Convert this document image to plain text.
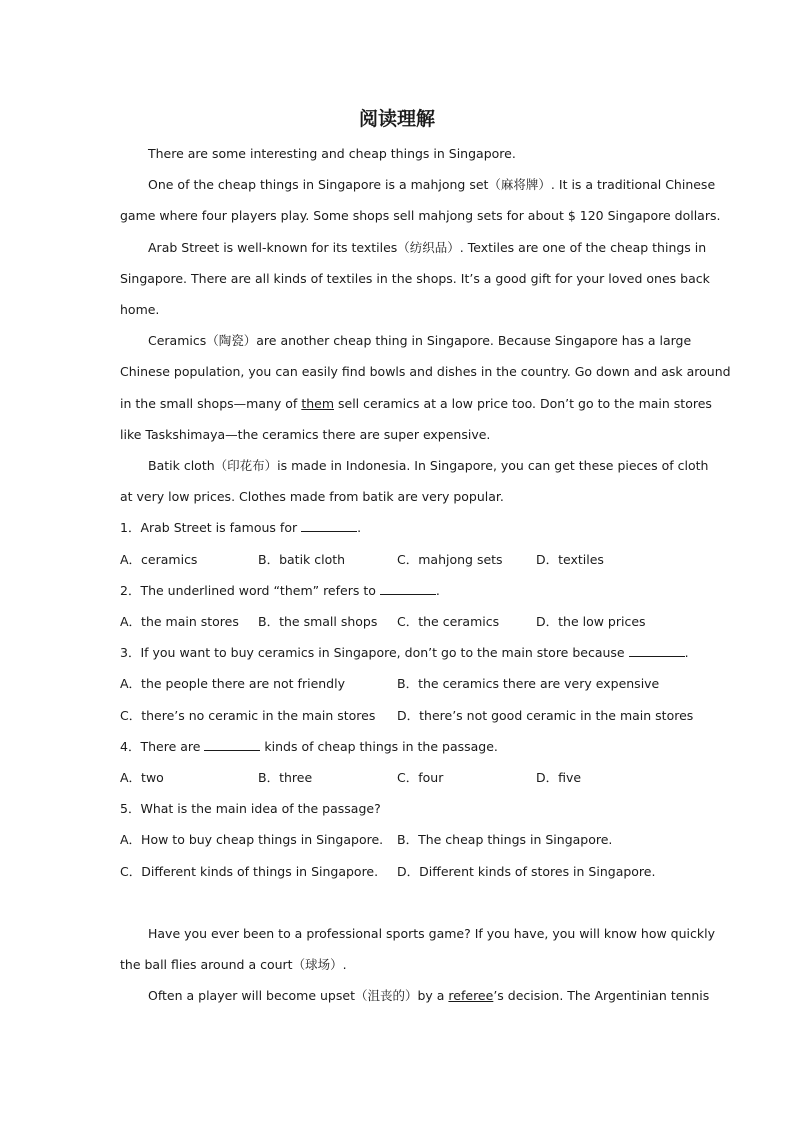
阅读理解
There are some interesting and cheap things in Singapore.
One of the cheap things in Singapore is a mahjong set（麻将牌）. It is a traditional Chinese
game where four players play. Some shops sell mahjong sets for about $ 120 Singapore dollars.
Arab Street is well-known for its textiles（纺织品）. Textiles are one of the cheap things in
Singapore. There are all kinds of textiles in the shops. It’s a good gift for your loved ones back
home.
Ceramics（陶瓷）are another cheap thing in Singapore. Because Singapore has a large
Chinese population, you can easily find bowls and dishes in the country. Go down and ask around
in the small shops—many of them sell ceramics at a low price too. Don’t go to the main stores
like Taskshimaya—the ceramics there are super expensive.
Batik cloth（印花布）is made in Indonesia. In Singapore, you can get these pieces of cloth
at very low prices. Clothes made from batik are very popular.
1．Arab Street is famous for	.
A．ceramics	B．batik cloth	C．mahjong sets	D．textiles
2．The underlined word “them” refers to	.
A．the main stores B．the small shops C．the ceramics	D．the low prices
3．If you want to buy ceramics in Singapore, don’t go to the main store because	.
A．the people there are not friendly	B．the ceramics there are very expensive
C．there’s no ceramic in the main stores D．there’s not good ceramic in the main stores
4．There are	kinds of cheap things in the passage.
A．two	B．three	C．four	D．five
5．What is the main idea of the passage?
A．How to buy cheap things in Singapore. B．The cheap things in Singapore.
C．Different kinds of things in Singapore. D．Different kinds of stores in Singapore.
Have you ever been to a professional sports game? If you have, you will know how quickly
the ball flies around a court（球场）.
Often a player will become upset（沮丧的）by a referee’s decision. The Argentinian tennis
